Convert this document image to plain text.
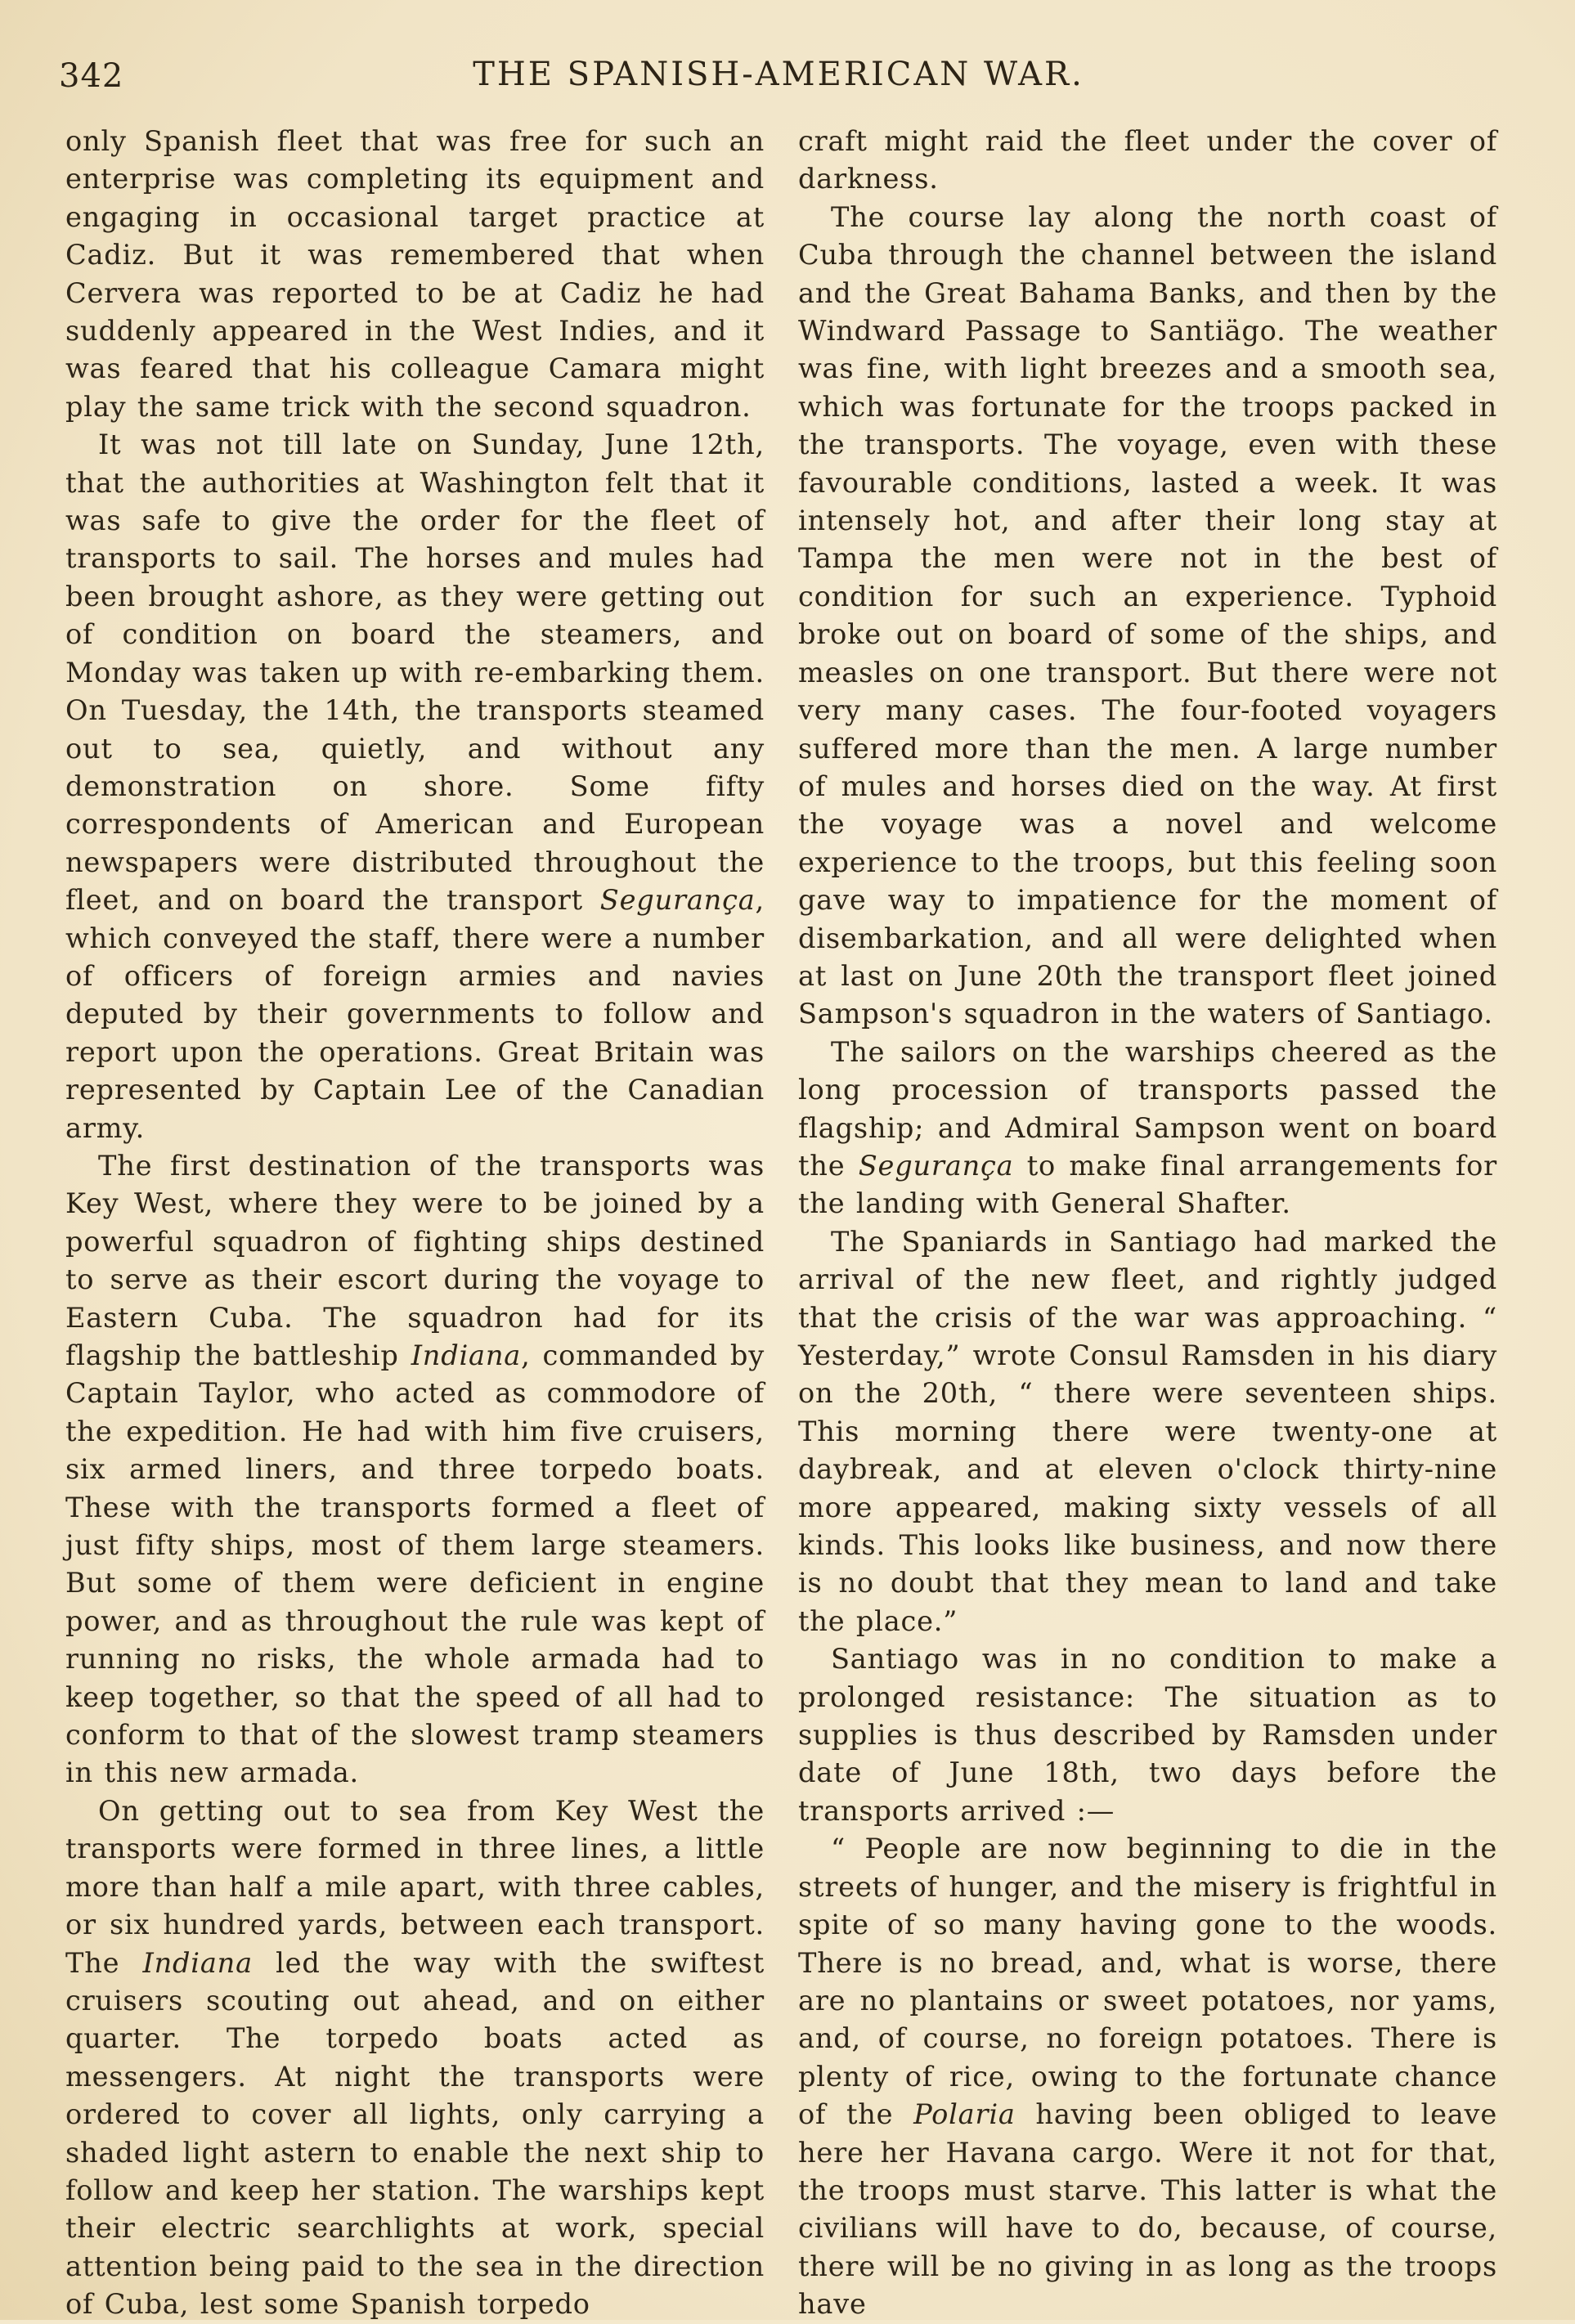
342	THE SPANISH-AMERICAN WAR.

only Spanish fleet that was free for such an enterprise was completing its equipment and engaging in occasional target practice at Cadiz. But it was remembered that when Cervera was reported to be at Cadiz he had suddenly appeared in the West Indies, and it was feared that his colleague Camara might play the same trick with the second squadron.

It was not till late on Sunday, June 12th, that the authorities at Washington felt that it was safe to give the order for the fleet of transports to sail. The horses and mules had been brought ashore, as they were getting out of condition on board the steamers, and Monday was taken up with re-embarking them. On Tuesday, the 14th, the transports steamed out to sea, quietly, and without any demonstration on shore. Some fifty correspondents of American and European newspapers were distributed throughout the fleet, and on board the transport Segurança, which conveyed the staff, there were a number of officers of foreign armies and navies deputed by their governments to follow and report upon the operations. Great Britain was represented by Captain Lee of the Canadian army.

The first destination of the transports was Key West, where they were to be joined by a powerful squadron of fighting ships destined to serve as their escort during the voyage to Eastern Cuba. The squadron had for its flagship the battleship Indiana, commanded by Captain Taylor, who acted as commodore of the expedition. He had with him five cruisers, six armed liners, and three torpedo boats. These with the transports formed a fleet of just fifty ships, most of them large steamers. But some of them were deficient in engine power, and as throughout the rule was kept of running no risks, the whole armada had to keep together, so that the speed of all had to conform to that of the slowest tramp steamers in this new armada.

On getting out to sea from Key West the transports were formed in three lines, a little more than half a mile apart, with three cables, or six hundred yards, between each transport. The Indiana led the way with the swiftest cruisers scouting out ahead, and on either quarter. The torpedo boats acted as messengers. At night the transports were ordered to cover all lights, only carrying a shaded light astern to enable the next ship to follow and keep her station. The warships kept their electric searchlights at work, special attention being paid to the sea in the direction of Cuba, lest some Spanish torpedo

craft might raid the fleet under the cover of darkness.

The course lay along the north coast of Cuba through the channel between the island and the Great Bahama Banks, and then by the Windward Passage to Santiägo. The weather was fine, with light breezes and a smooth sea, which was fortunate for the troops packed in the transports. The voyage, even with these favourable conditions, lasted a week. It was intensely hot, and after their long stay at Tampa the men were not in the best of condition for such an experience. Typhoid broke out on board of some of the ships, and measles on one transport. But there were not very many cases. The four-footed voyagers suffered more than the men. A large number of mules and horses died on the way. At first the voyage was a novel and welcome experience to the troops, but this feeling soon gave way to impatience for the moment of disembarkation, and all were delighted when at last on June 20th the transport fleet joined Sampson's squadron in the waters of Santiago.

The sailors on the warships cheered as the long procession of transports passed the flagship; and Admiral Sampson went on board the Segurança to make final arrangements for the landing with General Shafter.

The Spaniards in Santiago had marked the arrival of the new fleet, and rightly judged that the crisis of the war was approaching. “ Yesterday,” wrote Consul Ramsden in his diary on the 20th, “ there were seventeen ships. This morning there were twenty-one at daybreak, and at eleven o'clock thirty-nine more appeared, making sixty vessels of all kinds. This looks like business, and now there is no doubt that they mean to land and take the place.”

Santiago was in no condition to make a prolonged resistance: The situation as to supplies is thus described by Ramsden under date of June 18th, two days before the transports arrived :—

“ People are now beginning to die in the streets of hunger, and the misery is frightful in spite of so many having gone to the woods. There is no bread, and, what is worse, there are no plantains or sweet potatoes, nor yams, and, of course, no foreign potatoes. There is plenty of rice, owing to the fortunate chance of the Polaria having been obliged to leave here her Havana cargo. Were it not for that, the troops must starve. This latter is what the civilians will have to do, because, of course, there will be no giving in as long as the troops have
